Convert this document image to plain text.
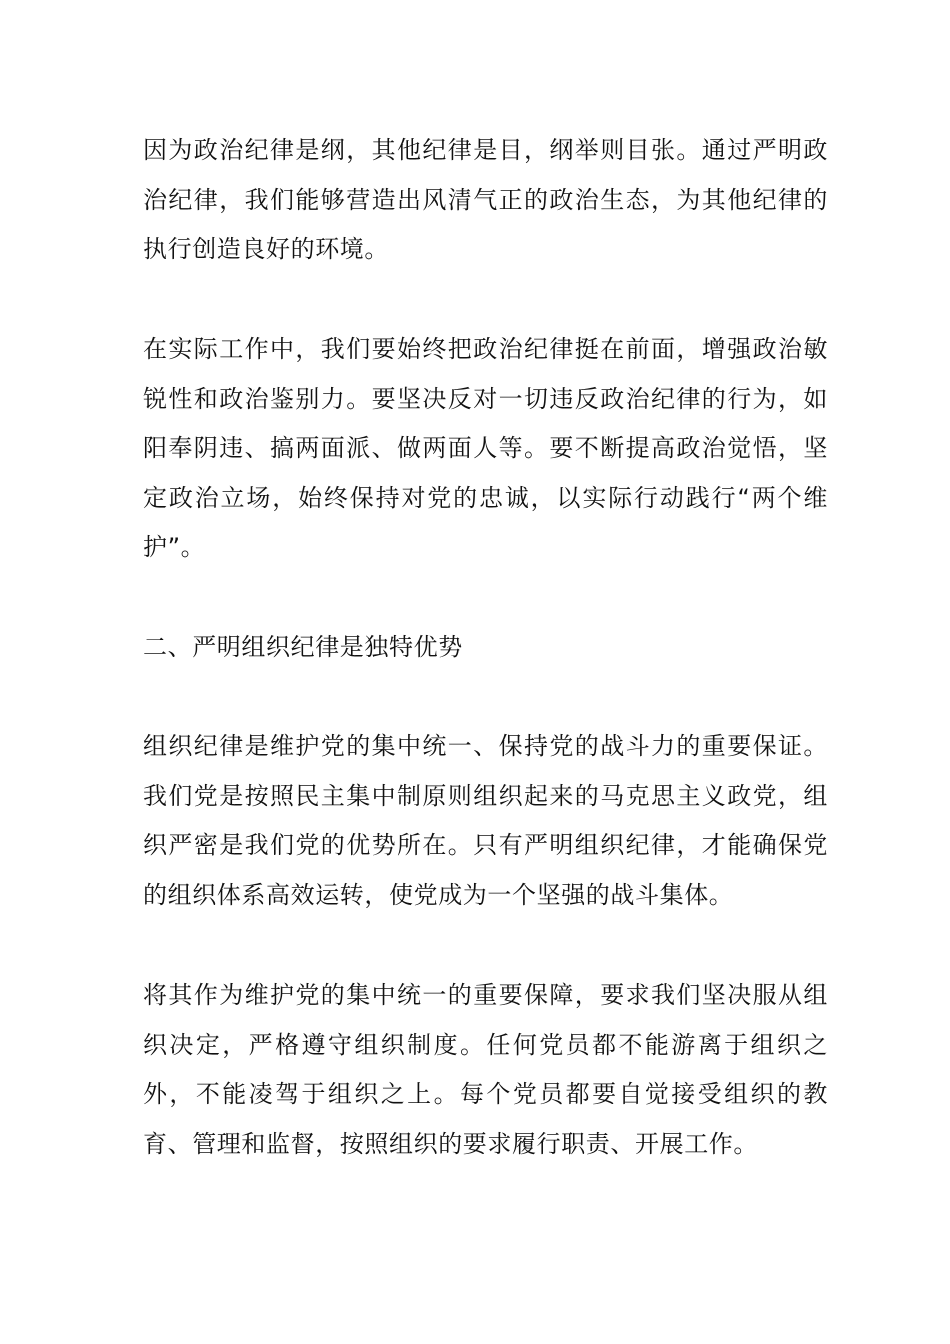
因为政治纪律是纲，其他纪律是目，纲举则目张。通过严明政治纪律，我们能够营造出风清气正的政治生态，为其他纪律的执行创造良好的环境。

在实际工作中，我们要始终把政治纪律挺在前面，增强政治敏锐性和政治鉴别力。要坚决反对一切违反政治纪律的行为，如阳奉阴违、搞两面派、做两面人等。要不断提高政治觉悟，坚定政治立场，始终保持对党的忠诚，以实际行动践行“两个维护”。

二、严明组织纪律是独特优势

组织纪律是维护党的集中统一、保持党的战斗力的重要保证。我们党是按照民主集中制原则组织起来的马克思主义政党，组织严密是我们党的优势所在。只有严明组织纪律，才能确保党的组织体系高效运转，使党成为一个坚强的战斗集体。

将其作为维护党的集中统一的重要保障，要求我们坚决服从组织决定，严格遵守组织制度。任何党员都不能游离于组织之外，不能凌驾于组织之上。每个党员都要自觉接受组织的教育、管理和监督，按照组织的要求履行职责、开展工作。
